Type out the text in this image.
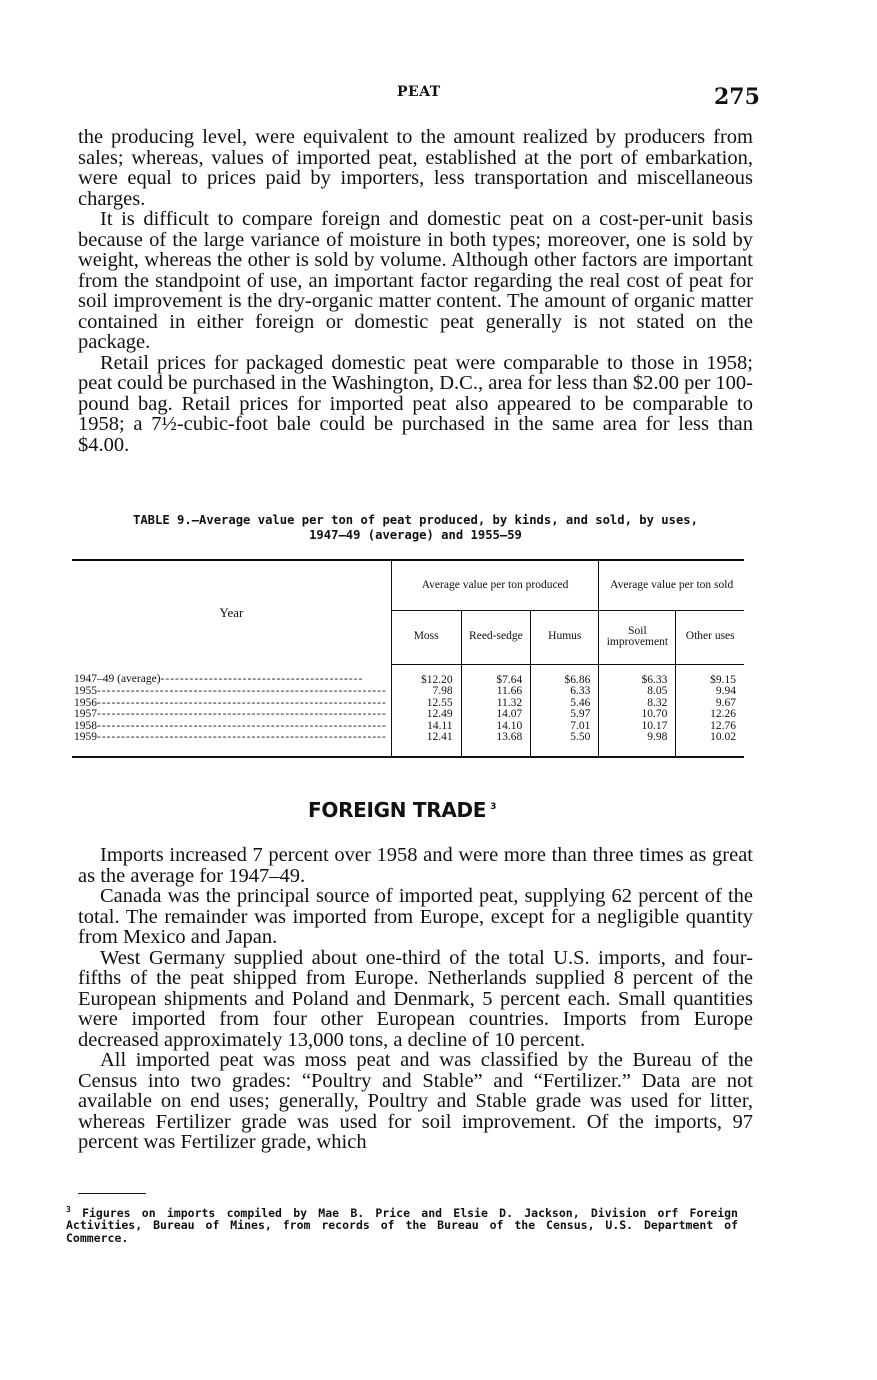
PEAT	275

the producing level, were equivalent to the amount realized by producers from sales; whereas, values of imported peat, established at the port of embarkation, were equal to prices paid by importers, less transportation and miscellaneous charges.

It is difficult to compare foreign and domestic peat on a cost-per-unit basis because of the large variance of moisture in both types; moreover, one is sold by weight, whereas the other is sold by volume. Although other factors are important from the standpoint of use, an important factor regarding the real cost of peat for soil improvement is the dry-organic matter content. The amount of organic matter contained in either foreign or domestic peat generally is not stated on the package.

Retail prices for packaged domestic peat were comparable to those in 1958; peat could be purchased in the Washington, D.C., area for less than $2.00 per 100-pound bag. Retail prices for imported peat also appeared to be comparable to 1958; a 7½-cubic-foot bale could be purchased in the same area for less than $4.00.

TABLE 9.—Average value per ton of peat produced, by kinds, and sold, by uses,
1947–49 (average) and 1955–59
Year	Average value per ton produced			Average value per ton sold	
	Moss	Reed-sedge	Humus	Soil improvement	Other uses
1947–49 (average)------------------------------------------	$12.20	$7.64	$6.86	$6.33	$9.15
1955------------------------------------------------------------	7.98	11.66	6.33	8.05	9.94
1956------------------------------------------------------------	12.55	11.32	5.46	8.32	9.67
1957------------------------------------------------------------	12.49	14.07	5.97	10.70	12.26
1958------------------------------------------------------------	14.11	14.10	7.01	10.17	12.76
1959------------------------------------------------------------	12.41	13.68	5.50	9.98	10.02
FOREIGN TRADE $^3$

Imports increased 7 percent over 1958 and were more than three times as great as the average for 1947–49.

Canada was the principal source of imported peat, supplying 62 percent of the total. The remainder was imported from Europe, except for a negligible quantity from Mexico and Japan.

West Germany supplied about one-third of the total U.S. imports, and four-fifths of the peat shipped from Europe. Netherlands supplied 8 percent of the European shipments and Poland and Denmark, 5 percent each. Small quantities were imported from four other European countries. Imports from Europe decreased approximately 13,000 tons, a decline of 10 percent.

All imported peat was moss peat and was classified by the Bureau of the Census into two grades: “Poultry and Stable” and “Fertilizer.” Data are not available on end uses; generally, Poultry and Stable grade was used for litter, whereas Fertilizer grade was used for soil improvement. Of the imports, 97 percent was Fertilizer grade, which

$^3$ Figures on imports compiled by Mae B. Price and Elsie D. Jackson, Division orf Foreign Activities, Bureau of Mines, from records of the Bureau of the Census, U.S. Department of Commerce.
